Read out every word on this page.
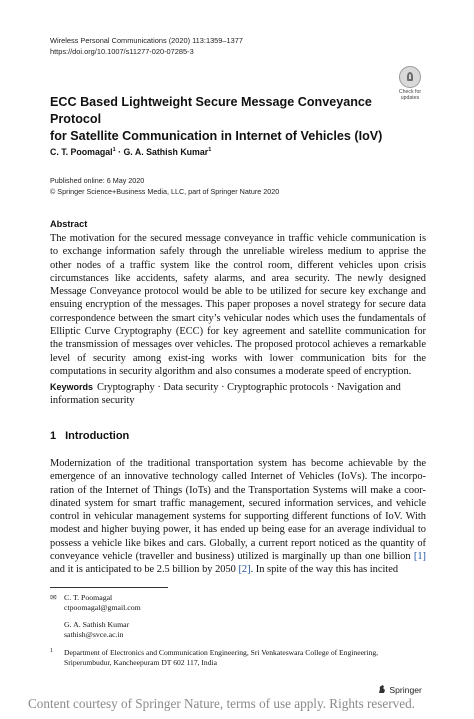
Wireless Personal Communications (2020) 113:1359–1377
https://doi.org/10.1007/s11277-020-07285-3
Check for
updates
ECC Based Lightweight Secure Message Conveyance Protocol
for Satellite Communication in Internet of Vehicles (IoV)
C. T. Poomagal$^1$ · G. A. Sathish Kumar$^1$
Published online: 6 May 2020
© Springer Science+Business Media, LLC, part of Springer Nature 2020
Abstract
The motivation for the secured message conveyance in traffic vehicle communication is to exchange information safely through the unreliable wireless medium to apprise the other nodes of a traffic system like the control room, different vehicles upon crisis circumstances like accidents, safety alarms, and area security. The newly designed Message Conveyance protocol would be able to be utilized for secure key exchange and ensuing encryption of the messages. This paper proposes a novel strategy for secure data correspondence between the smart city’s vehicular nodes which uses the fundamentals of Elliptic Curve Cryptography (ECC) for key agreement and satellite communication for the transmission of messages over vehicles. The proposed protocol achieves a remarkable level of security among exist-ing works with lower communication bits for the computations in security algorithm and also consumes a moderate speed of encryption.
Keywords Cryptography · Data security · Cryptographic protocols · Navigation and information security
1 Introduction
Modernization of the traditional transportation system has become achievable by the emergence of an innovative technology called Internet of Vehicles (IoVs). The incorpo-ration of the Internet of Things (IoTs) and the Transportation Systems will make a coor-dinated system for smart traffic management, secured information services, and vehicle control in vehicular management systems for supporting different functions of IoV. With modest and higher buying power, it has ended up being ease for an average individual to possess a vehicle like bikes and cars. Globally, a current report noticed as the quantity of conveyance vehicle (traveller and business) utilized is marginally up than one billion [1] and it is anticipated to be 2.5 billion by 2050 [2]. In spite of the way this has incited
✉ C. T. Poomagal
ctpoomagal@gmail.com
G. A. Sathish Kumar
sathish@svce.ac.in
1	Department of Electronics and Communication Engineering, Sri Venkateswara College of Engineering, Sriperumbudur, Kancheepuram DT 602 117, India
Springer
Content courtesy of Springer Nature, terms of use apply. Rights reserved.
